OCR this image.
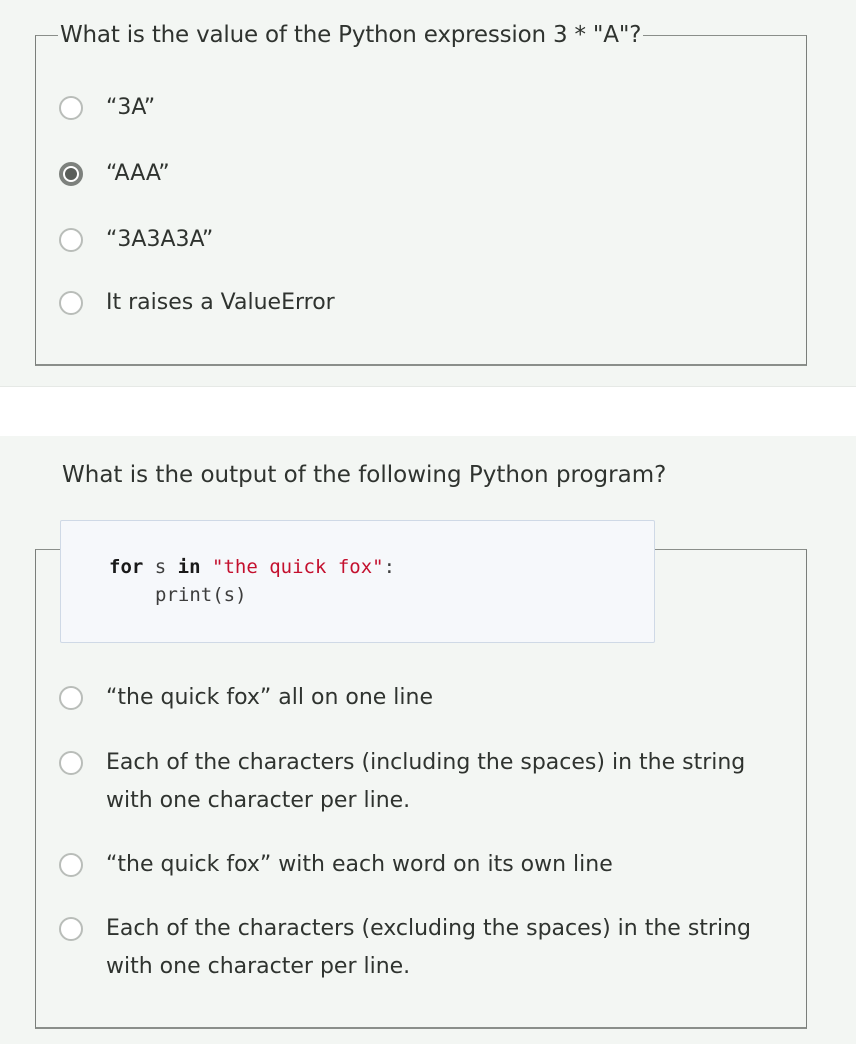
What is the value of the Python expression 3 * "A"?
“3A”
“AAA”
“3A3A3A”
It raises a ValueError
What is the output of the following Python program?
for s in "the quick fox":
print(s)
“the quick fox” all on one line
Each of the characters (including the spaces) in the string
with one character per line.
“the quick fox” with each word on its own line
Each of the characters (excluding the spaces) in the string
with one character per line.
